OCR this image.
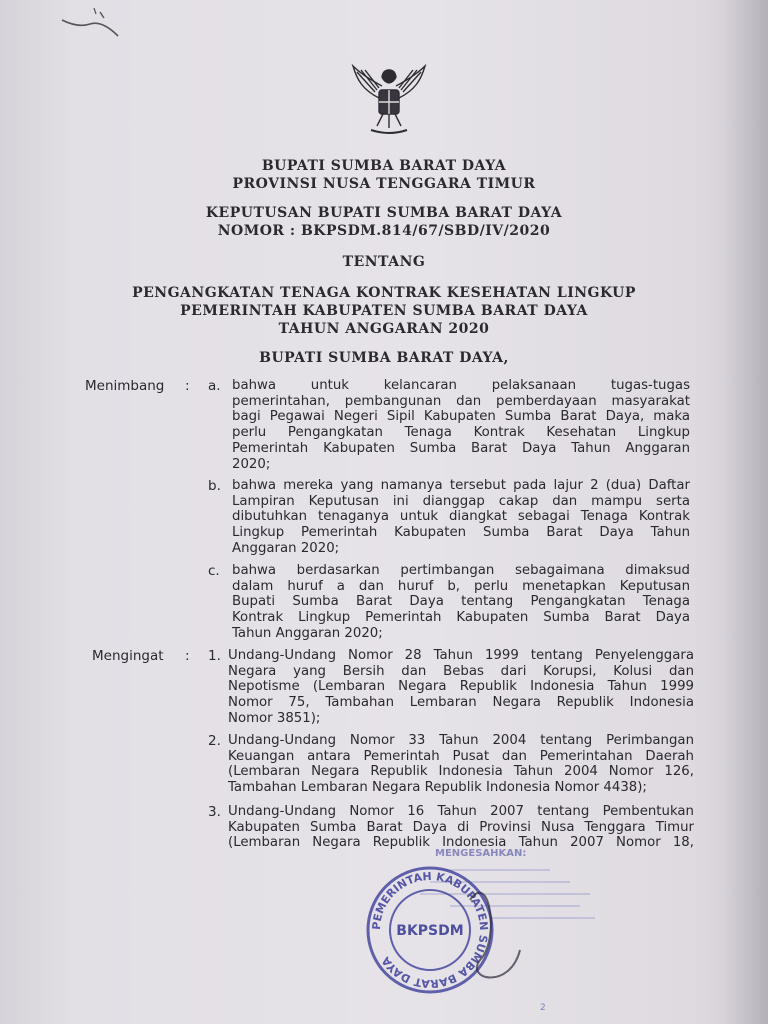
BUPATI SUMBA BARAT DAYA
PROVINSI NUSA TENGGARA TIMUR
KEPUTUSAN BUPATI SUMBA BARAT DAYA
NOMOR : BKPSDM.814/67/SBD/IV/2020
TENTANG
PENGANGKATAN TENAGA KONTRAK KESEHATAN LINGKUP
PEMERINTAH KABUPATEN SUMBA BARAT DAYA
TAHUN ANGGARAN 2020
BUPATI SUMBA BARAT DAYA,
Menimbang : a. bahwa untuk kelancaran pelaksanaan tugas-tugas
pemerintahan, pembangunan dan pemberdayaan masyarakat
bagi Pegawai Negeri Sipil Kabupaten Sumba Barat Daya, maka
perlu Pengangkatan Tenaga Kontrak Kesehatan Lingkup
Pemerintah Kabupaten Sumba Barat Daya Tahun Anggaran
2020;
b. bahwa mereka yang namanya tersebut pada lajur 2 (dua) Daftar
Lampiran Keputusan ini dianggap cakap dan mampu serta
dibutuhkan tenaganya untuk diangkat sebagai Tenaga Kontrak
Lingkup Pemerintah Kabupaten Sumba Barat Daya Tahun
Anggaran 2020;
c. bahwa berdasarkan pertimbangan sebagaimana dimaksud
dalam huruf a dan huruf b, perlu menetapkan Keputusan
Bupati Sumba Barat Daya tentang Pengangkatan Tenaga
Kontrak Lingkup Pemerintah Kabupaten Sumba Barat Daya
Tahun Anggaran 2020;
Mengingat : 1. Undang-Undang Nomor 28 Tahun 1999 tentang Penyelenggara
Negara yang Bersih dan Bebas dari Korupsi, Kolusi dan
Nepotisme (Lembaran Negara Republik Indonesia Tahun 1999
Nomor 75, Tambahan Lembaran Negara Republik Indonesia
Nomor 3851);
2. Undang-Undang Nomor 33 Tahun 2004 tentang Perimbangan
Keuangan antara Pemerintah Pusat dan Pemerintahan Daerah
(Lembaran Negara Republik Indonesia Tahun 2004 Nomor 126,
Tambahan Lembaran Negara Republik Indonesia Nomor 4438);
3. Undang-Undang Nomor 16 Tahun 2007 tentang Pembentukan
Kabupaten Sumba Barat Daya di Provinsi Nusa Tenggara Timur
(Lembaran Negara Republik Indonesia Tahun 2007 Nomor 18,
MENGESAHKAN:
PEMERINTAH KABUPATEN SUMBA BARAT DAYA
BKPSDM
2
